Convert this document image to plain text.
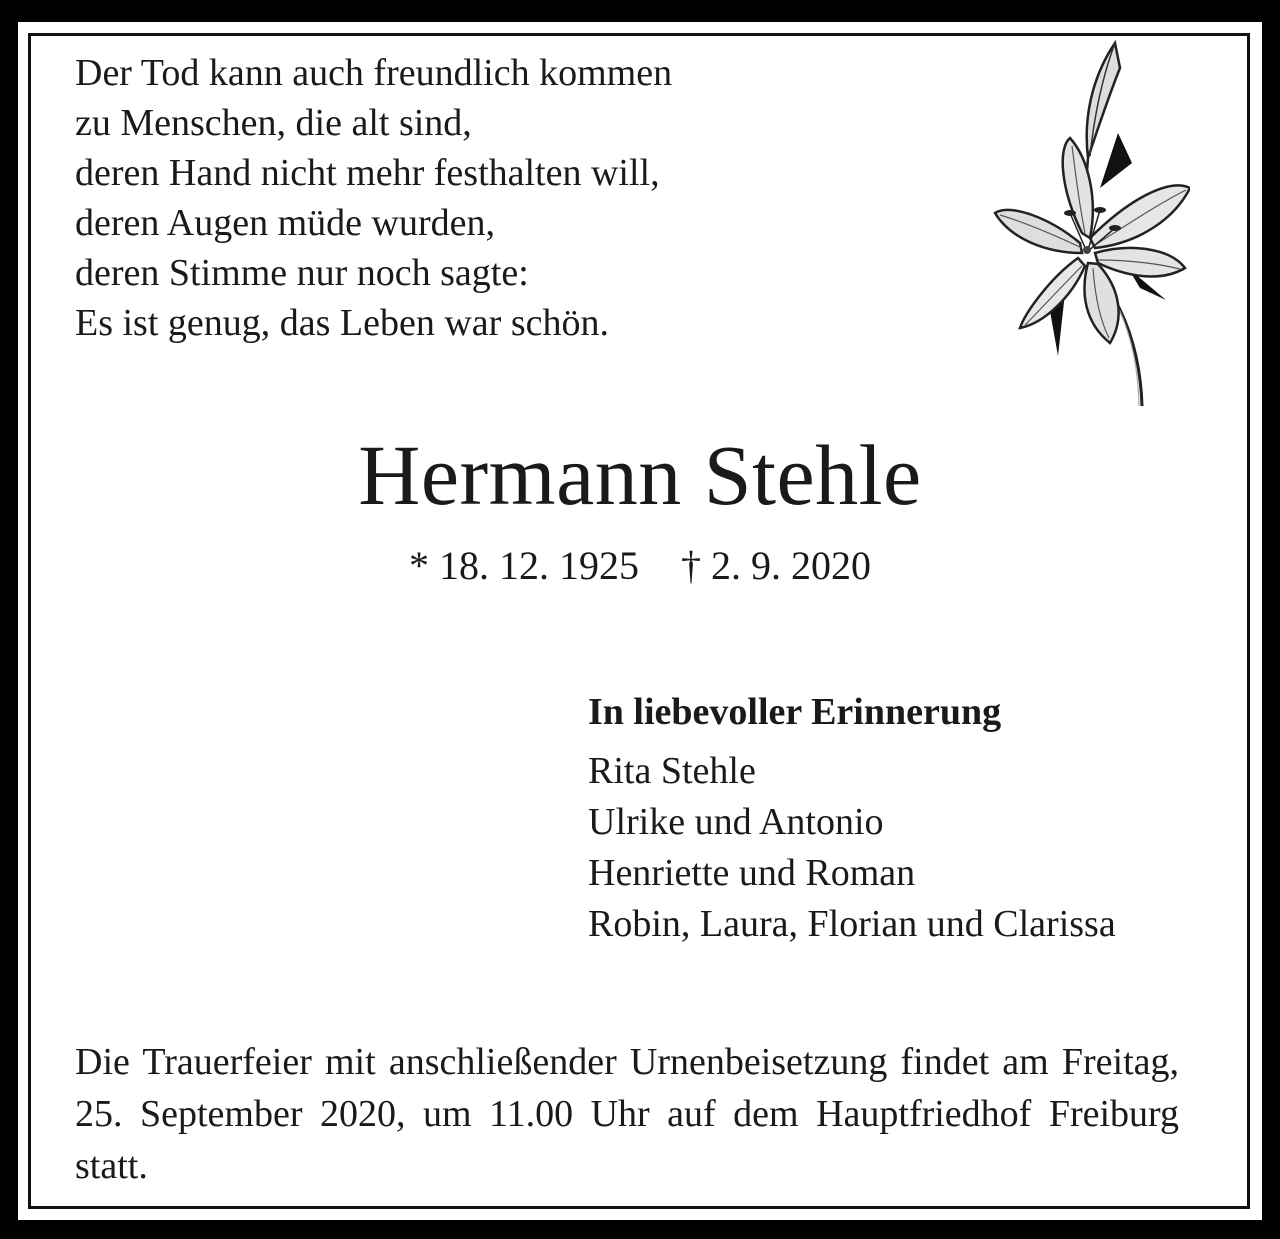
Der Tod kann auch freundlich kommen
zu Menschen, die alt sind,
deren Hand nicht mehr festhalten will,
deren Augen müde wurden,
deren Stimme nur noch sagte:
Es ist genug, das Leben war schön.
Hermann Stehle
* 18. 12. 1925 † 2. 9. 2020
In liebevoller Erinnerung
Rita Stehle
Ulrike und Antonio
Henriette und Roman
Robin, Laura, Florian und Clarissa
Die Trauerfeier mit anschließender Urnenbeisetzung findet am Freitag, 25. September 2020, um 11.00 Uhr auf dem Hauptfriedhof Freiburg statt.
